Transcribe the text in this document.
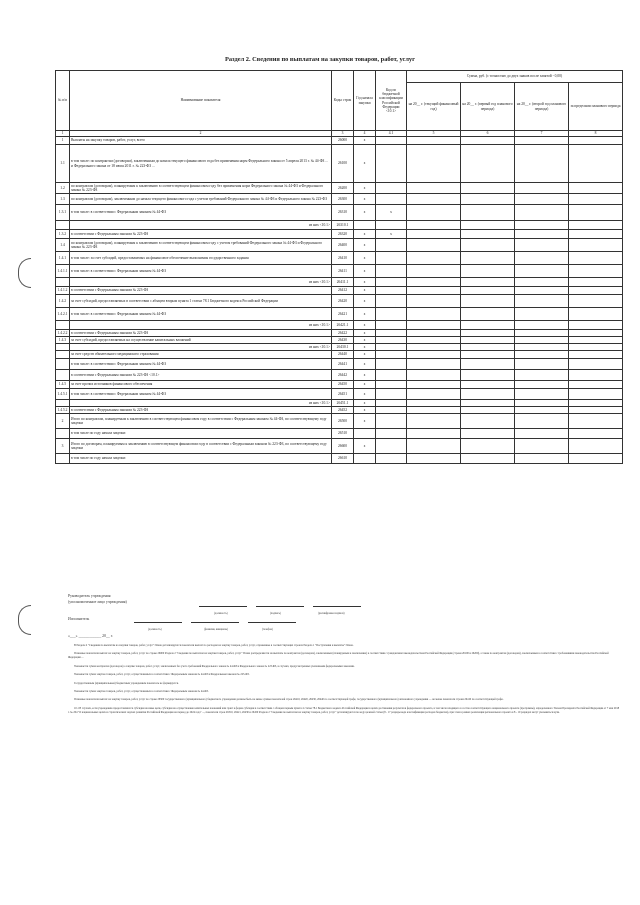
Раздел 2. Сведения по выплатам на закупки товаров, работ, услуг
№ п/п	Наименование показателя	Коды строк	Год начала закупки	Код по бюджетной классификации Российской Федерации <10.1>	Сумма, руб. (с точностью до двух знаков после запятой - 0,00)			
					на 20__ г. (текущий финансовый год)	на 20__ г. (первый год планового периода)	на 20__ г. (второй год планового периода)	за пределами планового периода

1	2	3	4	4.1	5	6	7	8
1	Выплаты на закупку товаров, работ, услуг, всего	26000	x					
1.1	в том числе: по контрактам (договорам), заключенным до начала текущего финансового года без применения норм Федерального закона от 5 апреля 2013 г. № 44-ФЗ ... и Федерального закона от 18 июля 2011 г. № 223-ФЗ ...	26100	x					
1.2	по контрактам (договорам), планируемым к заключению в соответствующем финансовом году без применения норм Федерального закона № 44-ФЗ и Федерального закона № 223-ФЗ	26200	x					
1.3	по контрактам (договорам), заключенным до начала текущего финансового года с учетом требований Федерального закона № 44-ФЗ и Федерального закона № 223-ФЗ	26300	x					
1.3.1	в том числе: в соответствии с Федеральным законом № 44-ФЗ	26310	x	x				
	из них <10.1>	26310.1						
1.3.2	в соответствии с Федеральным законом № 223-ФЗ	26320	x	x				
1.4	по контрактам (договорам), планируемым к заключению в соответствующем финансовом году с учетом требований Федерального закона № 44-ФЗ и Федерального закона № 223-ФЗ	26400	x					
1.4.1	в том числе: за счет субсидий, предоставляемых на финансовое обеспечение выполнения государственного задания	26410	x					
1.4.1.1	в том числе: в соответствии с Федеральным законом № 44-ФЗ	26411	x					
	из них <10.1>	26411.1	x					
1.4.1.2	в соответствии с Федеральным законом № 223-ФЗ	26412	x					
1.4.2	за счет субсидий, предоставляемых в соответствии с абзацем вторым пункта 1 статьи 78.1 Бюджетного кодекса Российской Федерации	26420	x					
1.4.2.1	в том числе: в соответствии с Федеральным законом № 44-ФЗ	26421	x					
	из них <10.1>	26421.1	x					
1.4.2.2	в соответствии с Федеральным законом № 223-ФЗ	26422	x					
1.4.3	за счет субсидий, предоставляемых на осуществление капитальных вложений	26430	x					
	из них <10.1>	26430.1	x					
	за счет средств обязательного медицинского страхования	26440	x					
	в том числе: в соответствии с Федеральным законом № 44-ФЗ	26441	x					
	в соответствии с Федеральным законом № 223-ФЗ <10.1>	26442	x					
1.4.5	за счет прочих источников финансового обеспечения	26450	x					
1.4.5.1	в том числе: в соответствии с Федеральным законом № 44-ФЗ	26451	x					
	из них <10.1>	26451.1	x					
1.4.5.2	в соответствии с Федеральным законом № 223-ФЗ	26452	x					
2	Итого по контрактам, планируемым к заключению в соответствующем финансовом году в соответствии с Федеральным законом № 44-ФЗ, по соответствующему году закупки	26500	x					
	в том числе по году начала закупки:	26510						
3	Итого по договорам, планируемым к заключению в соответствующем финансовом году в соответствии с Федеральным законом № 223-ФЗ, по соответствующему году закупки	26600	x					
	в том числе по году начала закупки:	26610						
Руководитель учреждения
(уполномоченное лицо учреждения)

(должность)	(подпись)	(расшифровка подписи)
Исполнитель

(должность)	(фамилия, инициалы)	(телефон)
«___» ____________ 20__ г.

В Разделе 2 "Сведения по выплатам на закупки товаров, работ, услуг" Плана детализируются показатели выплат по расходам на закупку товаров, работ, услуг, отраженные в соответствующих строках Раздела 1 "Поступления и выплаты" Плана.

Плановые показатели выплат на закупку товаров, работ, услуг по строке 26000 Раздела 2 "Сведения по выплатам на закупки товаров, работ, услуг" Плана распределяются на выплаты по контрактам (договорам), заключенным (планируемым к заключению) в соответствии с гражданским законодательством Российской Федерации (строки 26100 и 26200), а также по контрактам (договорам), заключаемым в соответствии с требованиями законодательства Российской Федерации ...

Указывается сумма контрактов (договоров) о закупке товаров, работ, услуг, заключенных без учета требований Федерального закона № 44-ФЗ и Федерального закона № 223-ФЗ, в случаях, предусмотренных указанными федеральными законами.

Указывается сумма закупок товаров, работ, услуг, осуществляемых в соответствии с Федеральным законом № 44-ФЗ и Федеральным законом № 223-ФЗ.

Государственным (муниципальным) бюджетным учреждением показатель не формируется.

Указывается сумма закупок товаров, работ, услуг, осуществляемых в соответствии с Федеральным законом № 44-ФЗ.

Плановые показатели выплат на закупку товаров, работ, услуг по строке 26500 государственного (муниципального) бюджетного учреждения должны быть не менее суммы показателей строк 26410, 26420, 26430, 26440 по соответствующей графе, государственного (муниципального) автономного учреждения — не менее показателя строки 26410 по соответствующей графе.

10.1 В случаях, если учреждению предоставляются субсидии на иные цели, субсидии на осуществление капитальных вложений или грант в форме субсидии в соответствии с абзацем первым пункта 4 статьи 78.1 Бюджетного кодекса Российской Федерации в целях достижения результатов федерального проекта, в том числе входящего в состав соответствующего национального проекта (программы), определенного Указом Президента Российской Федерации от 7 мая 2018 г. № 204 "О национальных целях и стратегических задачах развития Российской Федерации на период до 2024 года" ..., показатели строк 26310, 26421, 26430 и 26450 Раздела 2 "Сведения по выплатам на закупку товаров, работ, услуг" детализируются по коду целевой статьи (8 - 17 разряды кода классификации расходов бюджетов), при этом в рамках реализации регионального проекта в 8 - 10 разрядах могут указываться нули.
